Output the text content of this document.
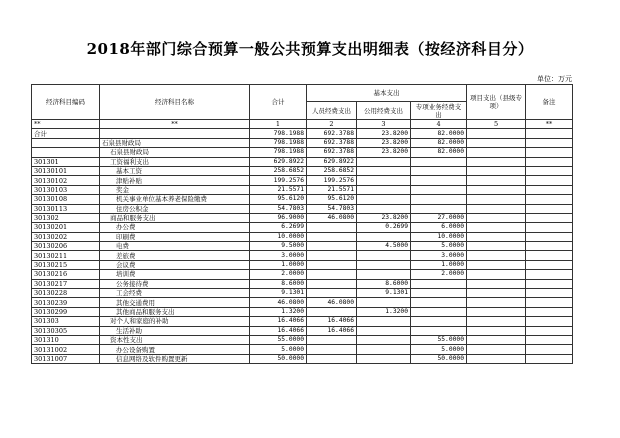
2018年部门综合预算一般公共预算支出明细表（按经济科目分）
单位：万元
经济科目编码	经济科目名称	合计	基本支出			项目支出（县级专项）	备注
			人员经费支出	公用经费支出	专项业务经费支出		
**	**	1	2	3	4	5	**
合计		798.1988	692.3788	23.8200	82.0000		
	石泉县财政局	798.1988	692.3788	23.8200	82.0000		
	石泉县财政局	798.1988	692.3788	23.8200	82.0000		
301301	工资福利支出	629.8922	629.8922				
30130101	基本工资	258.6852	258.6852				
30130102	津贴补贴	199.2576	199.2576				
30130103	奖金	21.5571	21.5571				
30130108	机关事业单位基本养老保险缴费	95.6120	95.6120				
30130113	住房公积金	54.7803	54.7803				
301302	商品和服务支出	96.9000	46.0800	23.8200	27.0000		
30130201	办公费	6.2699		0.2699	6.0000		
30130202	印刷费	10.0000			10.0000		
30130206	电费	9.5000		4.5000	5.0000		
30130211	差旅费	3.0000			3.0000		
30130215	会议费	1.0000			1.0000		
30130216	培训费	2.0000			2.0000		
30130217	公务接待费	8.6000		8.6000			
30130228	工会经费	9.1301		9.1301			
30130239	其他交通费用	46.0800	46.0800				
30130299	其他商品和服务支出	1.3200		1.3200			
301303	对个人和家庭的补助	16.4066	16.4066				
30130305	生活补助	16.4066	16.4066				
301310	资本性支出	55.0000			55.0000		
30131002	办公设备购置	5.0000			5.0000		
30131007	信息网络及软件购置更新	50.0000			50.0000		
